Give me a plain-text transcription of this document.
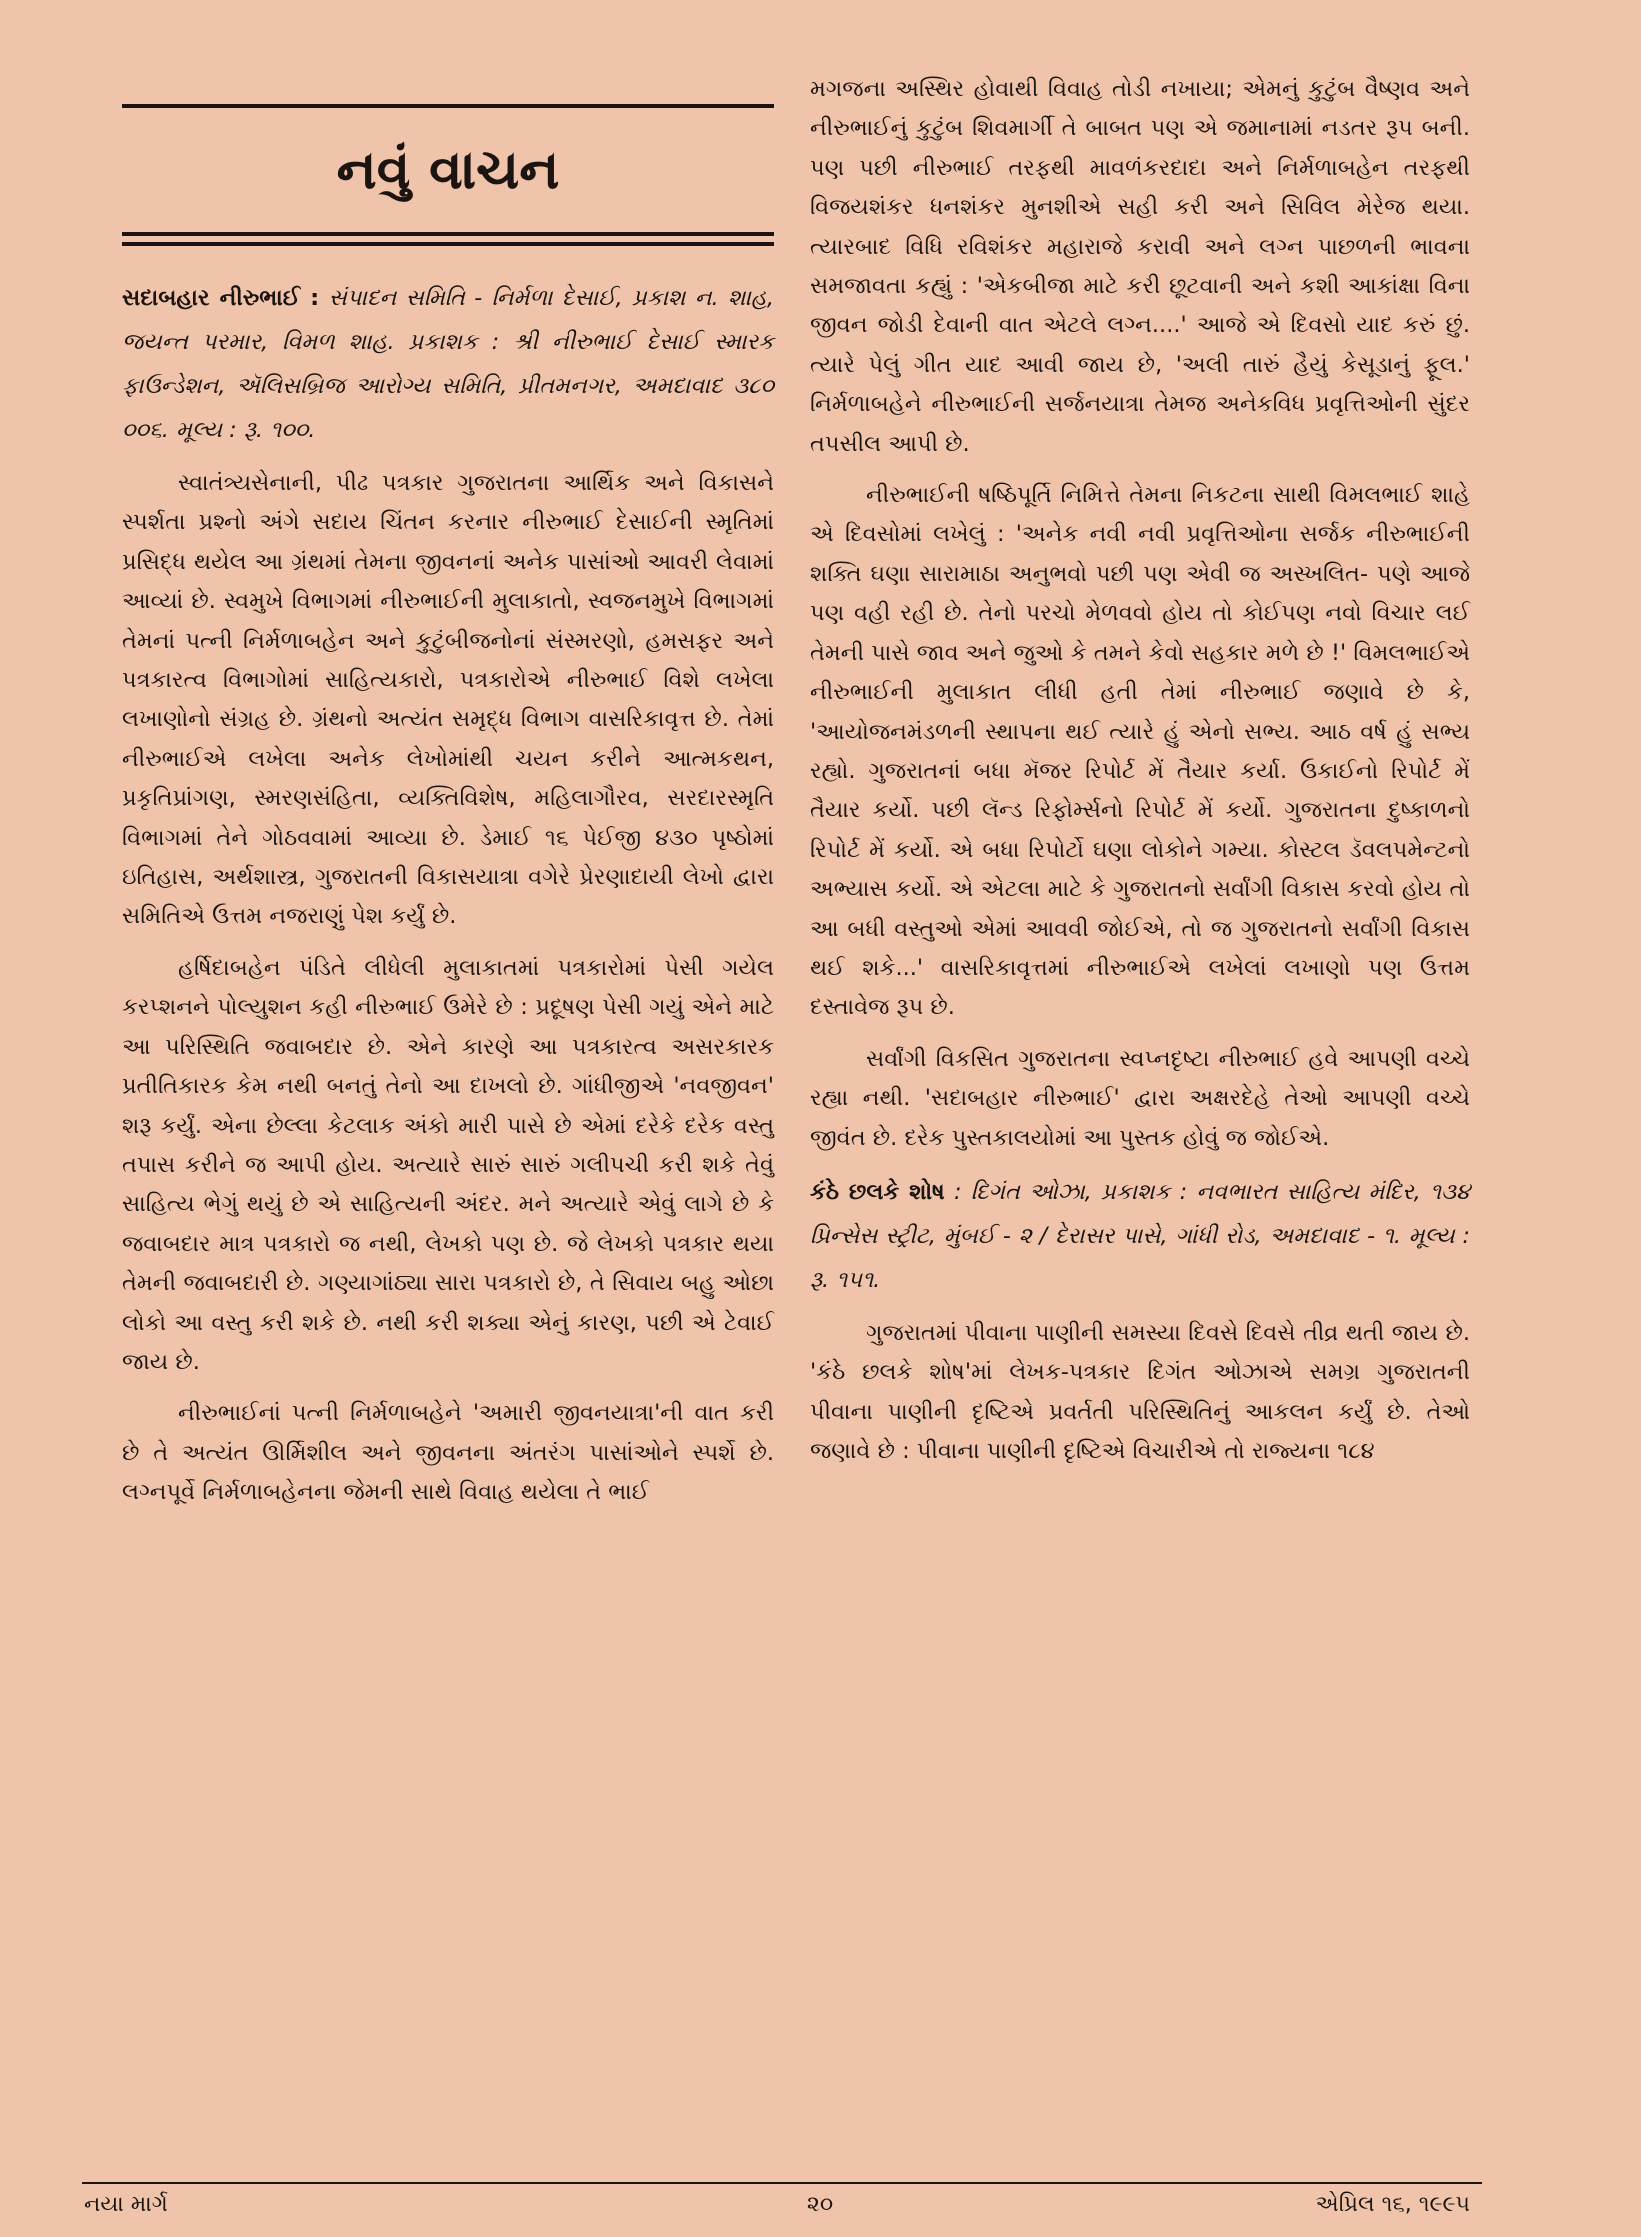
નવું વાચન

સદાબહાર નીરુભાઈ : સંપાદન સમિતિ - નિર્મળા દેસાઈ, પ્રકાશ ન. શાહ, જયન્ત પરમાર, વિમળ શાહ. પ્રકાશક : શ્રી નીરુભાઈ દેસાઈ સ્મારક ફાઉન્ડેશન, ઍલિસબ્રિજ આરોગ્ય સમિતિ, પ્રીતમનગર, અમદાવાદ ૩૮૦ ૦૦૬. મૂલ્ય : રૂ. ૧૦૦.

સ્વાતંત્ર્યસેનાની, પીઢ પત્રકાર ગુજરાતના આર્થિક અને વિકાસને સ્પર્શતા પ્રશ્નો અંગે સદાય ચિંતન કરનાર નીરુભાઈ દેસાઈની સ્મૃતિમાં પ્રસિદ્ધ થયેલ આ ગ્રંથમાં તેમના જીવનનાં અનેક પાસાંઓ આવરી લેવામાં આવ્યાં છે. સ્વમુખે વિભાગમાં નીરુભાઈની મુલાકાતો, સ્વજનમુખે વિભાગમાં તેમનાં પત્ની નિર્મળાબહેન અને કુટુંબીજનોનાં સંસ્મરણો, હમસફર અને પત્રકારત્વ વિભાગોમાં સાહિત્યકારો, પત્રકારોએ નીરુભાઈ વિશે લખેલા લખાણોનો સંગ્રહ છે. ગ્રંથનો અત્યંત સમૃદ્ધ વિભાગ વાસરિકાવૃત્ત છે. તેમાં નીરુભાઈએ લખેલા અનેક લેખોમાંથી ચયન કરીને આત્મકથન, પ્રકૃતિપ્રાંગણ, સ્મરણસંહિતા, વ્યક્તિવિશેષ, મહિલાગૌરવ, સરદારસ્મૃતિ વિભાગમાં તેને ગોઠવવામાં આવ્યા છે. ડેમાઈ ૧૬ પેઈજી ૪૩૦ પૃષ્ઠોમાં ઇતિહાસ, અર્થશાસ્ત્ર, ગુજરાતની વિકાસયાત્રા વગેરે પ્રેરણાદાયી લેખો દ્વારા સમિતિએ ઉત્તમ નજરાણું પેશ કર્યું છે.

હર્ષિદાબહેન પંડિતે લીધેલી મુલાકાતમાં પત્રકારોમાં પેસી ગયેલ કરપ્શનને પોલ્યુશન કહી નીરુભાઈ ઉમેરે છે : પ્રદૂષણ પેસી ગયું એને માટે આ પરિસ્થિતિ જવાબદાર છે. એને કારણે આ પત્રકારત્વ અસરકારક પ્રતીતિકારક કેમ નથી બનતું તેનો આ દાખલો છે. ગાંધીજીએ 'નવજીવન' શરૂ કર્યું. એના છેલ્લા કેટલાક અંકો મારી પાસે છે એમાં દરેકે દરેક વસ્તુ તપાસ કરીને જ આપી હોય. અત્યારે સારું સારું ગલીપચી કરી શકે તેવું સાહિત્ય ભેગું થયું છે એ સાહિત્યની અંદર. મને અત્યારે એવું લાગે છે કે જવાબદાર માત્ર પત્રકારો જ નથી, લેખકો પણ છે. જે લેખકો પત્રકાર થયા તેમની જવાબદારી છે. ગણ્યાગાંઠ્યા સારા પત્રકારો છે, તે સિવાય બહુ ઓછા લોકો આ વસ્તુ કરી શકે છે. નથી કરી શક્યા એનું કારણ, પછી એ ટેવાઈ જાય છે.

નીરુભાઈનાં પત્ની નિર્મળાબહેને 'અમારી જીવનયાત્રા'ની વાત કરી છે તે અત્યંત ઊર્મિશીલ અને જીવનના અંતરંગ પાસાંઓને સ્પર્શે છે. લગ્નપૂર્વે નિર્મળાબહેનના જેમની સાથે વિવાહ થયેલા તે ભાઈ

મગજના અસ્થિર હોવાથી વિવાહ તોડી નખાયા; એમનું કુટુંબ વૈષ્ણવ અને નીરુભાઈનું કુટુંબ શિવમાર્ગી તે બાબત પણ એ જમાનામાં નડતર રૂપ બની. પણ પછી નીરુભાઈ તરફથી માવળંકરદાદા અને નિર્મળાબહેન તરફથી વિજયશંકર ધનશંકર મુનશીએ સહી કરી અને સિવિલ મેરેજ થયા. ત્યારબાદ વિધિ રવિશંકર મહારાજે કરાવી અને લગ્ન પાછળની ભાવના સમજાવતા કહ્યું : 'એકબીજા માટે કરી છૂટવાની અને કશી આકાંક્ષા વિના જીવન જોડી દેવાની વાત એટલે લગ્ન....' આજે એ દિવસો યાદ કરું છું. ત્યારે પેલું ગીત યાદ આવી જાય છે, 'અલી તારું હૈયું કેસૂડાનું ફૂલ.' નિર્મળાબહેને નીરુભાઈની સર્જનયાત્રા તેમજ અનેકવિધ પ્રવૃત્તિઓની સુંદર તપસીલ આપી છે.

નીરુભાઈની ષષ્ઠિપૂર્તિ નિમિત્તે તેમના નિકટના સાથી વિમલભાઈ શાહે એ દિવસોમાં લખેલું : 'અનેક નવી નવી પ્રવૃત્તિઓના સર્જક નીરુભાઈની શક્તિ ઘણા સારામાઠા અનુભવો પછી પણ એવી જ અસ્ખલિત- પણે આજે પણ વહી રહી છે. તેનો પરચો મેળવવો હોય તો કોઈપણ નવો વિચાર લઈ તેમની પાસે જાવ અને જુઓ કે તમને કેવો સહકાર મળે છે !' વિમલભાઈએ નીરુભાઈની મુલાકાત લીધી હતી તેમાં નીરુભાઈ જણાવે છે કે, 'આયોજનમંડળની સ્થાપના થઈ ત્યારે હું એનો સભ્ય. આઠ વર્ષ હું સભ્ય રહ્યો. ગુજરાતનાં બધા મૅજર રિપોર્ટ મેં તૈયાર કર્યા. ઉકાઈનો રિપોર્ટ મેં તૈયાર કર્યો. પછી લૅન્ડ રિફોર્મ્સનો રિપોર્ટ મેં કર્યો. ગુજરાતના દુષ્કાળનો રિપોર્ટ મેં કર્યો. એ બધા રિપોર્ટો ઘણા લોકોને ગમ્યા. કોસ્ટલ ડૅવલપમેન્ટનો અભ્યાસ કર્યો. એ એટલા માટે કે ગુજરાતનો સર્વાંગી વિકાસ કરવો હોય તો આ બધી વસ્તુઓ એમાં આવવી જોઈએ, તો જ ગુજરાતનો સર્વાંગી વિકાસ થઈ શકે...' વાસરિકાવૃત્તમાં નીરુભાઈએ લખેલાં લખાણો પણ ઉત્તમ દસ્તાવેજ રૂપ છે.

સર્વાંગી વિકસિત ગુજરાતના સ્વપ્નદૃષ્ટા નીરુભાઈ હવે આપણી વચ્ચે રહ્યા નથી. 'સદાબહાર નીરુભાઈ' દ્વારા અક્ષરદેહે તેઓ આપણી વચ્ચે જીવંત છે. દરેક પુસ્તકાલયોમાં આ પુસ્તક હોવું જ જોઈએ.

કંઠે છલકે શોષ : દિગંત ઓઝા, પ્રકાશક : નવભારત સાહિત્ય મંદિર, ૧૩૪ પ્રિન્સેસ સ્ટ્રીટ, મુંબઈ - ૨ / દેરાસર પાસે, ગાંધી રોડ, અમદાવાદ - ૧. મૂલ્ય : રૂ. ૧૫૧.

ગુજરાતમાં પીવાના પાણીની સમસ્યા દિવસે દિવસે તીવ્ર થતી જાય છે. 'કંઠે છલકે શોષ'માં લેખક-પત્રકાર દિગંત ઓઝાએ સમગ્ર ગુજરાતની પીવાના પાણીની દૃષ્ટિએ પ્રવર્તતી પરિસ્થિતિનું આકલન કર્યું છે. તેઓ જણાવે છે : પીવાના પાણીની દૃષ્ટિએ વિચારીએ તો રાજ્યના ૧૮૪

નયા માર્ગ	૨૦	એપ્રિલ ૧૬, ૧૯૯૫
